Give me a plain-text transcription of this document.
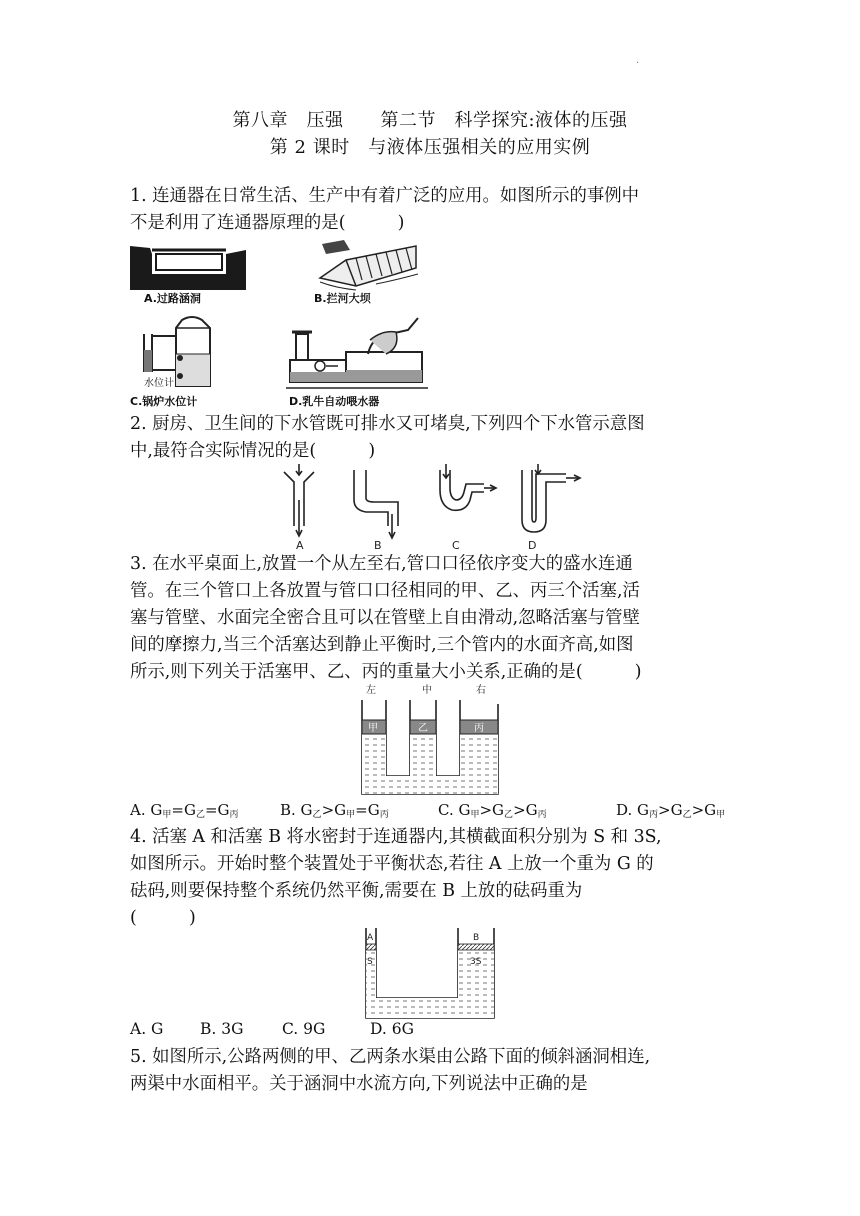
·
第八章　压强　　第二节　科学探究:液体的压强
第 2 课时　与液体压强相关的应用实例
1. 连通器在日常生活、生产中有着广泛的应用。如图所示的事例中
不是利用了连通器原理的是(　　　)
A.过路涵洞	B.拦河大坝
水位计
C.锅炉水位计	D.乳牛自动喂水器
2. 厨房、卫生间的下水管既可排水又可堵臭,下列四个下水管示意图
中,最符合实际情况的是(　　　)
A	B	C	D
3. 在水平桌面上,放置一个从左至右,管口口径依序变大的盛水连通
管。在三个管口上各放置与管口口径相同的甲、乙、丙三个活塞,活
塞与管壁、水面完全密合且可以在管壁上自由滑动,忽略活塞与管壁
间的摩擦力,当三个活塞达到静止平衡时,三个管内的水面齐高,如图
所示,则下列关于活塞甲、乙、丙的重量大小关系,正确的是(　　　)
左	中	右
甲	乙	丙
A. $G_甲=G_乙=G_丙$	B. $G_乙>G_甲=G_丙$	C. $G_甲>G_乙>G_丙$	D. $G_丙>G_乙>G_甲$
4. 活塞 A 和活塞 B 将水密封于连通器内,其横截面积分别为 S 和 3S,
如图所示。开始时整个装置处于平衡状态,若往 A 上放一个重为 G 的
砝码,则要保持整个系统仍然平衡,需要在 B 上放的砝码重为
(　　　)
A	B
S	3S
A. G B. 3G C. 9G	D. 6G
5. 如图所示,公路两侧的甲、乙两条水渠由公路下面的倾斜涵洞相连,
两渠中水面相平。关于涵洞中水流方向,下列说法中正确的是
